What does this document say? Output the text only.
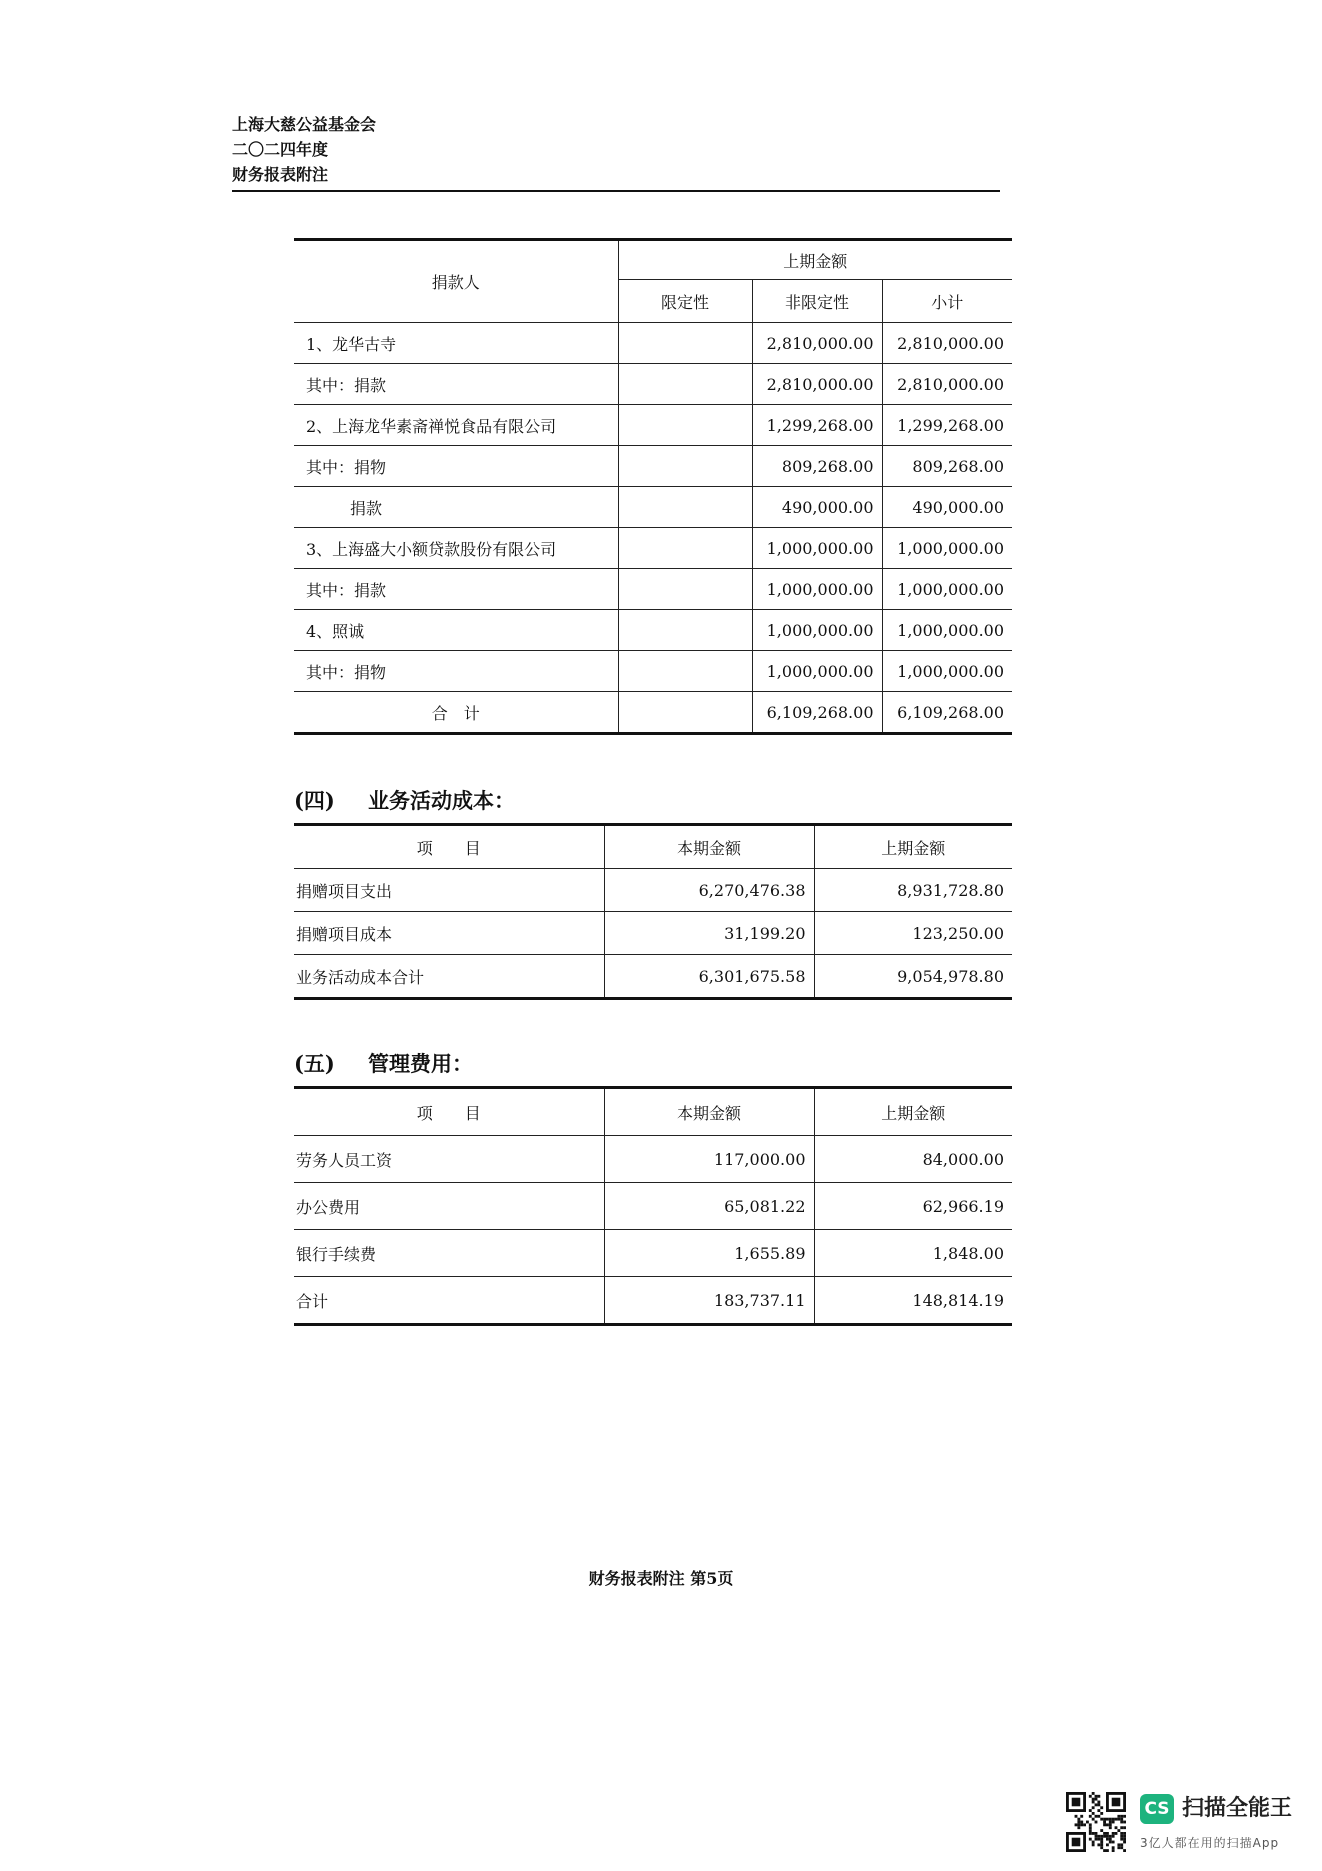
上海大慈公益基金会
二〇二四年度
财务报表附注
捐款人	上期金额		
	限定性	非限定性	小计
1、龙华古寺		2,810,000.00	2,810,000.00
其中：捐款		2,810,000.00	2,810,000.00
2、上海龙华素斋禅悦食品有限公司		1,299,268.00	1,299,268.00
其中：捐物		809,268.00	809,268.00
捐款		490,000.00	490,000.00
3、上海盛大小额贷款股份有限公司		1,000,000.00	1,000,000.00
其中：捐款		1,000,000.00	1,000,000.00
4、照诚		1,000,000.00	1,000,000.00
其中：捐物		1,000,000.00	1,000,000.00
合　计		6,109,268.00	6,109,268.00
(四) 业务活动成本：
项　　目	本期金额	上期金额
捐赠项目支出	6,270,476.38	8,931,728.80
捐赠项目成本	31,199.20	123,250.00
业务活动成本合计	6,301,675.58	9,054,978.80
(五) 管理费用：
项　　目	本期金额	上期金额
劳务人员工资	117,000.00	84,000.00
办公费用	65,081.22	62,966.19
银行手续费	1,655.89	1,848.00
合计	183,737.11	148,814.19
财务报表附注 第5页
CS 扫描全能王
3亿人都在用的扫描App
